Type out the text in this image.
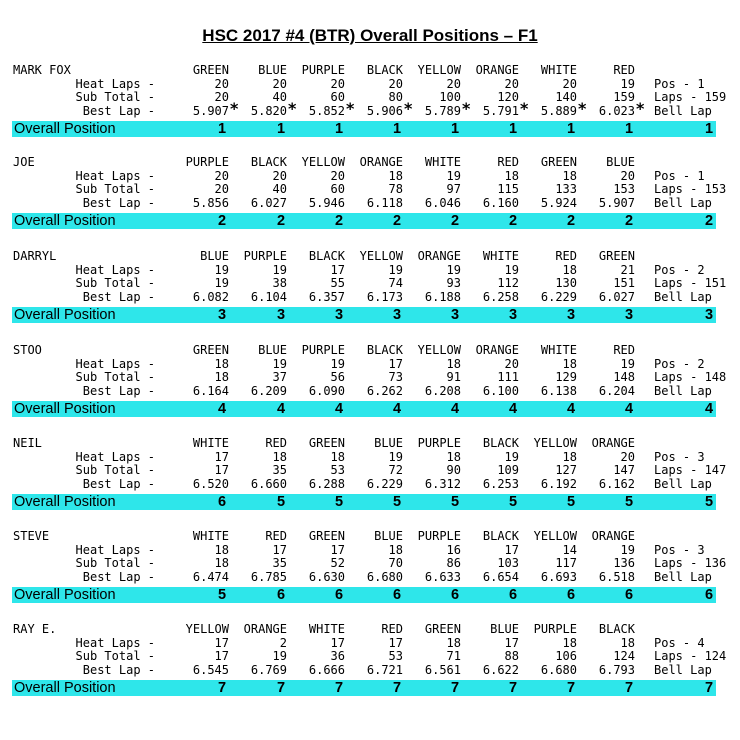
HSC 2017 #4 (BTR) Overall Positions – F1
MARK FOX	GREEN	BLUE	PURPLE	BLACK	YELLOW	ORANGE	WHITE	RED
Heat Laps -	20	20	20	20	20	20	20	19 Pos - 1
Sub Total -	20	40	60	80	100	120	140	159 Laps - 159
Best Lap -	5.907 *	5.820 *	5.852 *	5.906 *	5.789 *	5.791 *	5.889 *	6.023 * Bell Lap
Overall Position	1	1	1	1	1	1	1	1	1
JOE	PURPLE	BLACK	YELLOW	ORANGE	WHITE	RED	GREEN	BLUE
Heat Laps -	20	20	20	18	19	18	18	20 Pos - 1
Sub Total -	20	40	60	78	97	115	133	153 Laps - 153
Best Lap -	5.856	6.027	5.946	6.118	6.046	6.160	5.924	5.907 Bell Lap
Overall Position	2	2	2	2	2	2	2	2	2
DARRYL	BLUE	PURPLE	BLACK	YELLOW	ORANGE	WHITE	RED	GREEN
Heat Laps -	19	19	17	19	19	19	18	21 Pos - 2
Sub Total -	19	38	55	74	93	112	130	151 Laps - 151
Best Lap -	6.082	6.104	6.357	6.173	6.188	6.258	6.229	6.027 Bell Lap
Overall Position	3	3	3	3	3	3	3	3	3
STOO	GREEN	BLUE	PURPLE	BLACK	YELLOW	ORANGE	WHITE	RED
Heat Laps -	18	19	19	17	18	20	18	19 Pos - 2
Sub Total -	18	37	56	73	91	111	129	148 Laps - 148
Best Lap -	6.164	6.209	6.090	6.262	6.208	6.100	6.138	6.204 Bell Lap
Overall Position	4	4	4	4	4	4	4	4	4
NEIL	WHITE	RED	GREEN	BLUE	PURPLE	BLACK	YELLOW	ORANGE
Heat Laps -	17	18	18	19	18	19	18	20 Pos - 3
Sub Total -	17	35	53	72	90	109	127	147 Laps - 147
Best Lap -	6.520	6.660	6.288	6.229	6.312	6.253	6.192	6.162 Bell Lap
Overall Position	6	5	5	5	5	5	5	5	5
STEVE	WHITE	RED	GREEN	BLUE	PURPLE	BLACK	YELLOW	ORANGE
Heat Laps -	18	17	17	18	16	17	14	19 Pos - 3
Sub Total -	18	35	52	70	86	103	117	136 Laps - 136
Best Lap -	6.474	6.785	6.630	6.680	6.633	6.654	6.693	6.518 Bell Lap
Overall Position	5	6	6	6	6	6	6	6	6
RAY E.	YELLOW	ORANGE	WHITE	RED	GREEN	BLUE	PURPLE	BLACK
Heat Laps -	17	2	17	17	18	17	18	18 Pos - 4
Sub Total -	17	19	36	53	71	88	106	124 Laps - 124
Best Lap -	6.545	6.769	6.666	6.721	6.561	6.622	6.680	6.793 Bell Lap
Overall Position	7	7	7	7	7	7	7	7	7
